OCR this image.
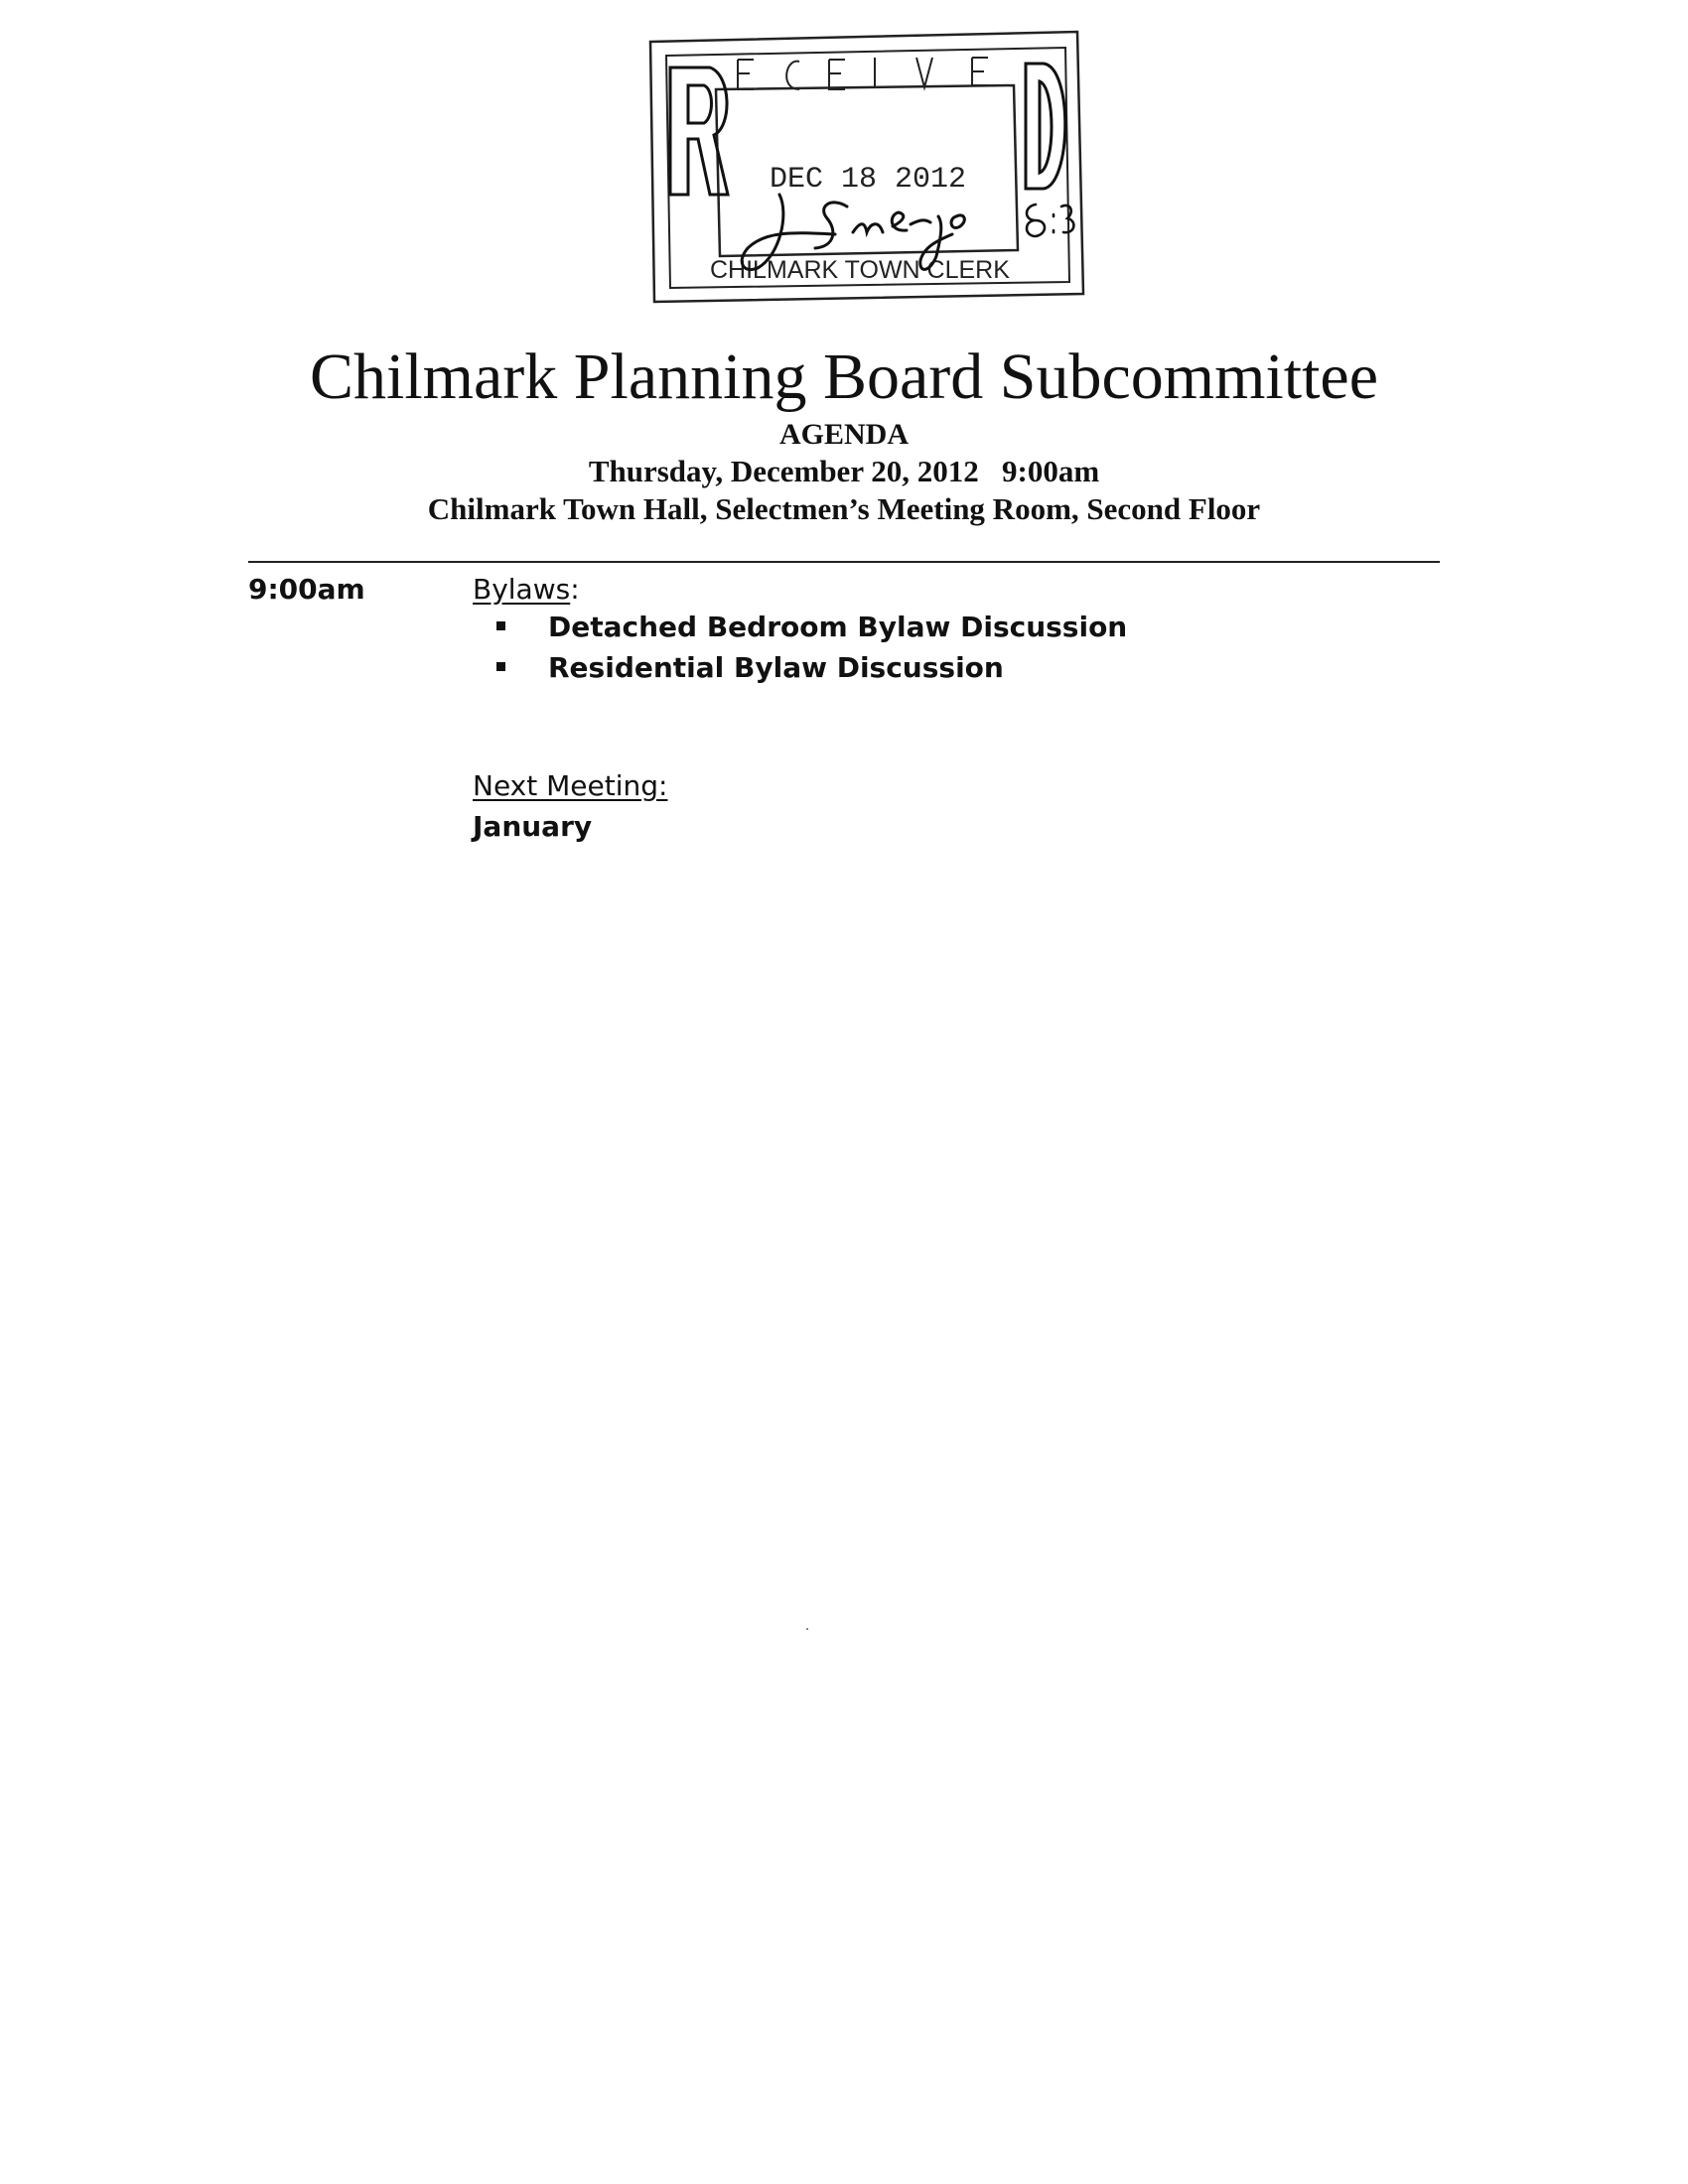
DEC 18 2012
CHILMARK TOWN CLERK
Chilmark Planning Board Subcommittee
AGENDA
Thursday, December 20, 2012   9:00am
Chilmark Town Hall, Selectmen’s Meeting Room, Second Floor
9:00am	Bylaws:
Detached Bedroom Bylaw Discussion
Residential Bylaw Discussion
Next Meeting:
January
